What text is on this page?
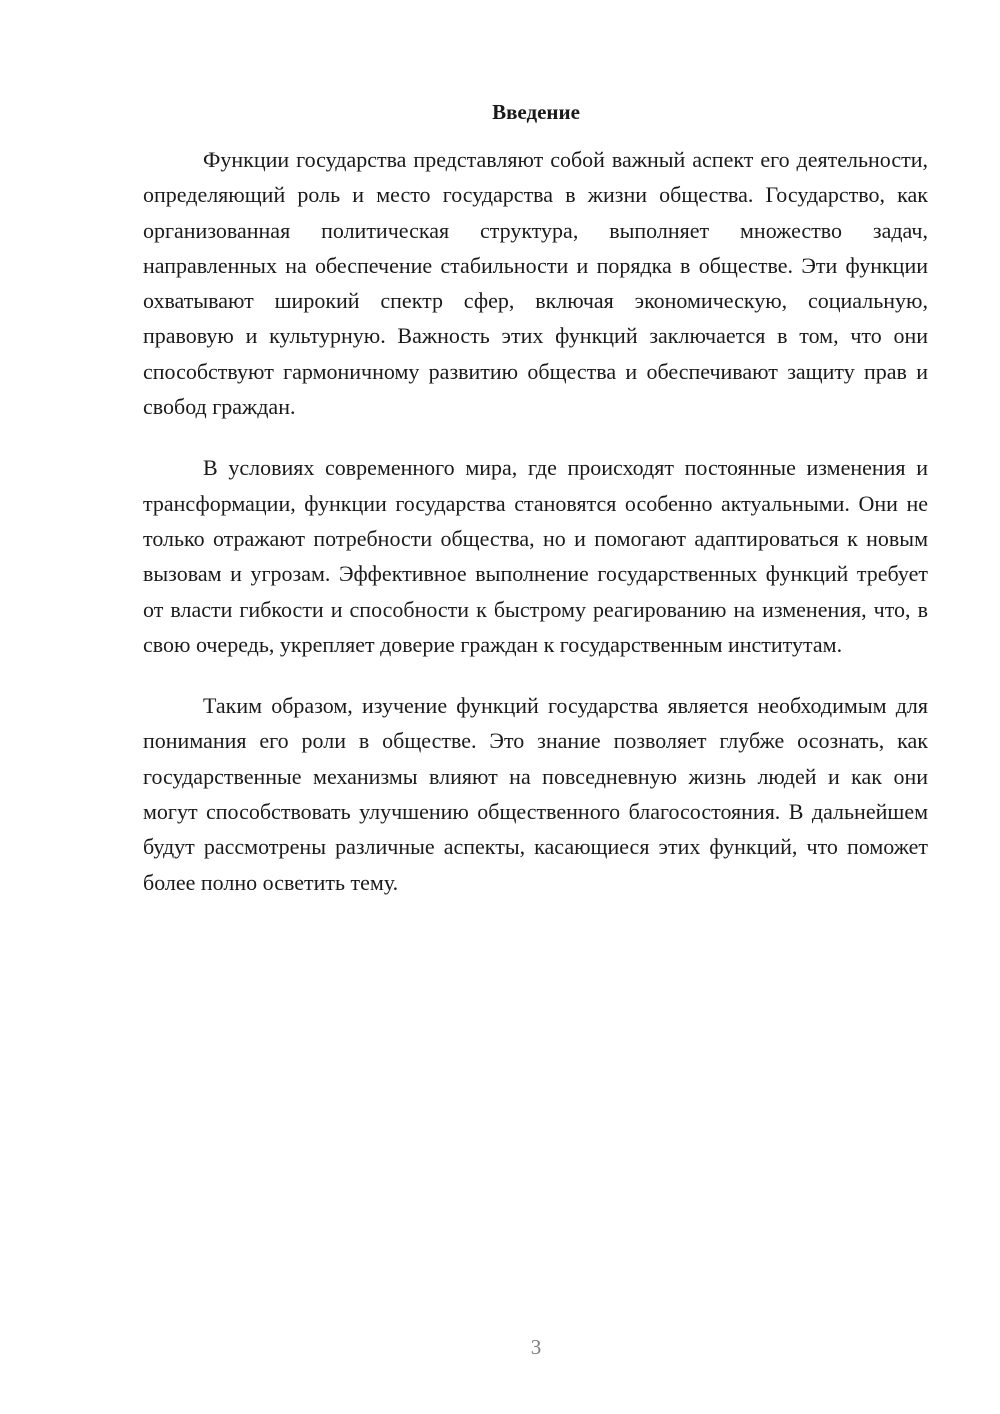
Введение

Функции государства представляют собой важный аспект его деятельности, определяющий роль и место государства в жизни общества. Государство, как организованная политическая структура, выполняет множество задач, направленных на обеспечение стабильности и порядка в обществе. Эти функции охватывают широкий спектр сфер, включая экономическую, социальную, правовую и культурную. Важность этих функций заключается в том, что они способствуют гармоничному развитию общества и обеспечивают защиту прав и свобод граждан.

В условиях современного мира, где происходят постоянные изменения и трансформации, функции государства становятся особенно актуальными. Они не только отражают потребности общества, но и помогают адаптироваться к новым вызовам и угрозам. Эффективное выполнение государственных функций требует от власти гибкости и способности к быстрому реагированию на изменения, что, в свою очередь, укрепляет доверие граждан к государственным институтам.

Таким образом, изучение функций государства является необходимым для понимания его роли в обществе. Это знание позволяет глубже осознать, как государственные механизмы влияют на повседневную жизнь людей и как они могут способствовать улучшению общественного благосостояния. В дальнейшем будут рассмотрены различные аспекты, касающиеся этих функций, что поможет более полно осветить тему.

3
